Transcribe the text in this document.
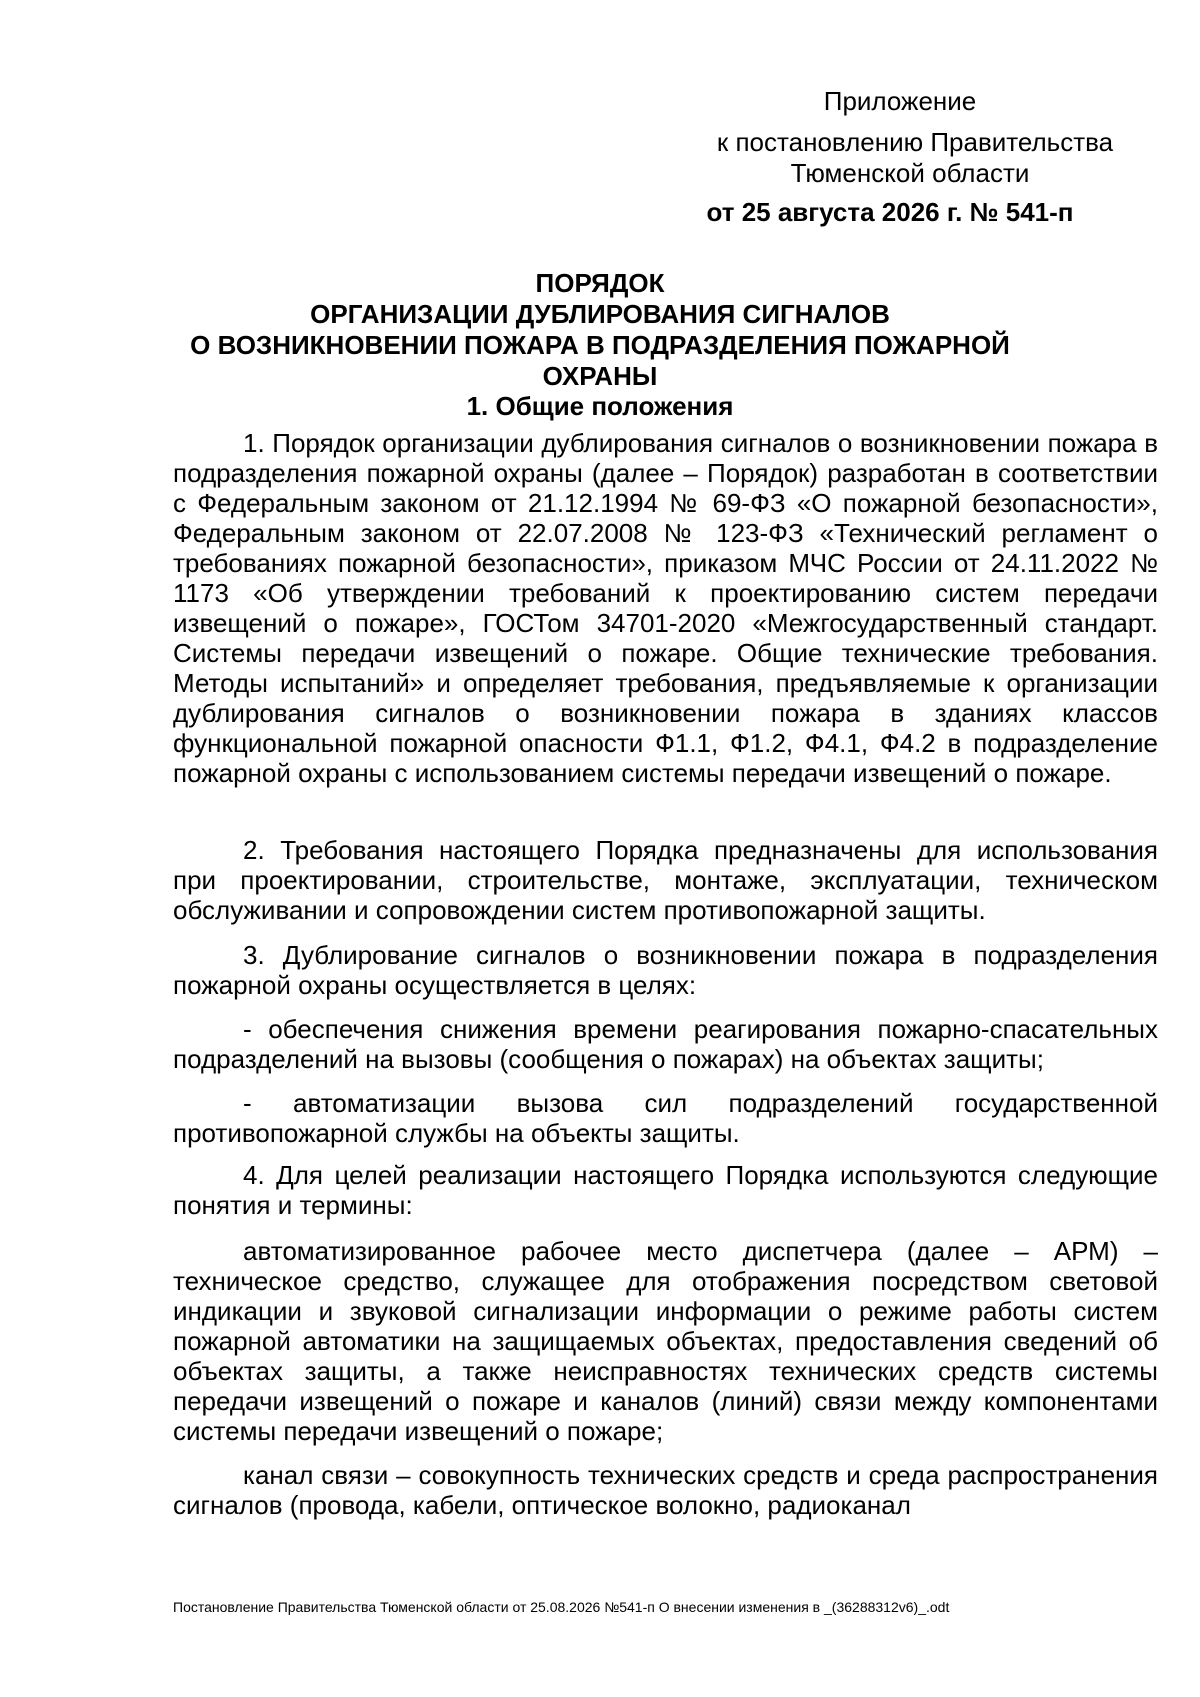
Приложение
к постановлению Правительства
Тюменской области
от 25 августа 2026 г. № 541-п
ПОРЯДОК
ОРГАНИЗАЦИИ ДУБЛИРОВАНИЯ СИГНАЛОВ
О ВОЗНИКНОВЕНИИ ПОЖАРА В ПОДРАЗДЕЛЕНИЯ ПОЖАРНОЙ ОХРАНЫ
1. Общие положения

1. Порядок организации дублирования сигналов о возникновении пожара в подразделения пожарной охраны (далее – Порядок) разработан в соответствии с Федеральным законом от 21.12.1994 № 69-ФЗ «О пожарной безопасности», Федеральным законом от 22.07.2008 № 123-ФЗ «Технический регламент о требованиях пожарной безопасности», приказом МЧС России от 24.11.2022 № 1173 «Об утверждении требований к проектированию систем передачи извещений о пожаре», ГОСТом 34701-2020 «Межгосударственный стандарт. Системы передачи извещений о пожаре. Общие технические требования. Методы испытаний» и определяет требования, предъявляемые к организации дублирования сигналов о возникновении пожара в зданиях классов функциональной пожарной опасности Ф1.1, Ф1.2, Ф4.1, Ф4.2 в подразделение пожарной охраны с использованием системы передачи извещений о пожаре.

2. Требования настоящего Порядка предназначены для использования при проектировании, строительстве, монтаже, эксплуатации, техническом обслуживании и сопровождении систем противопожарной защиты.

3. Дублирование сигналов о возникновении пожара в подразделения пожарной охраны осуществляется в целях:

- обеспечения снижения времени реагирования пожарно-спасательных подразделений на вызовы (сообщения о пожарах) на объектах защиты;

- автоматизации вызова сил подразделений государственной противопожарной службы на объекты защиты.

4. Для целей реализации настоящего Порядка используются следующие понятия и термины:

автоматизированное рабочее место диспетчера (далее – АРМ) – техническое средство, служащее для отображения посредством световой индикации и звуковой сигнализации информации о режиме работы систем пожарной автоматики на защищаемых объектах, предоставления сведений об объектах защиты, а также неисправностях технических средств системы передачи извещений о пожаре и каналов (линий) связи между компонентами системы передачи извещений о пожаре;

канал связи – совокупность технических средств и среда распространения сигналов (провода, кабели, оптическое волокно, радиоканал

Постановление Правительства Тюменской области от 25.08.2026 №541-п О внесении изменения в _(36288312v6)_.odt
